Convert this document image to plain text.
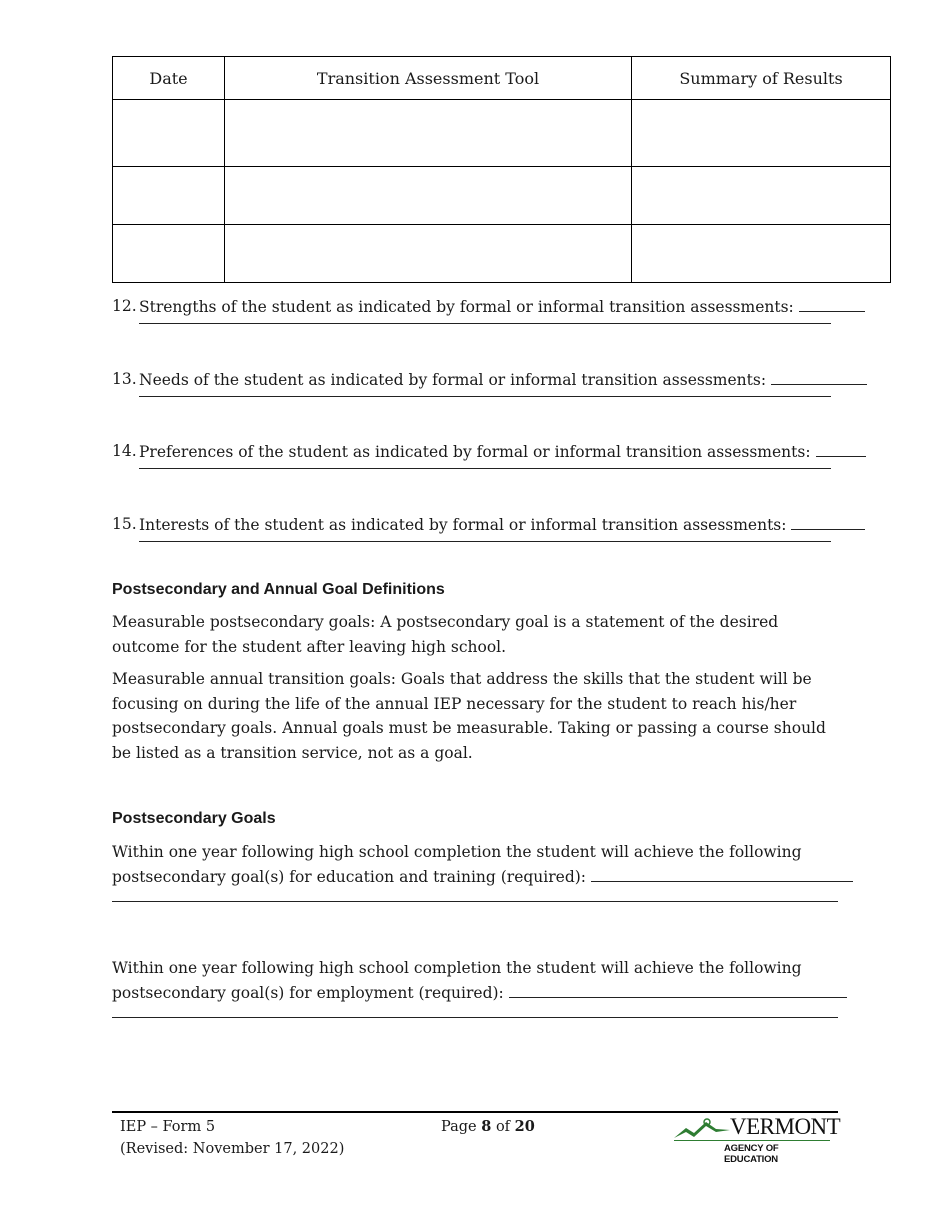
Date	Transition Assessment Tool	Summary of Results

12. Strengths of the student as indicated by formal or informal transition assessments:
13. Needs of the student as indicated by formal or informal transition assessments:
14. Preferences of the student as indicated by formal or informal transition assessments:
15. Interests of the student as indicated by formal or informal transition assessments:
Postsecondary and Annual Goal Definitions
Measurable postsecondary goals: A postsecondary goal is a statement of the desired outcome for the student after leaving high school.
Measurable annual transition goals: Goals that address the skills that the student will be focusing on during the life of the annual IEP necessary for the student to reach his/her postsecondary goals. Annual goals must be measurable. Taking or passing a course should be listed as a transition service, not as a goal.
Postsecondary Goals
Within one year following high school completion the student will achieve the following
postsecondary goal(s) for education and training (required):
Within one year following high school completion the student will achieve the following
postsecondary goal(s) for employment (required):
IEP – Form 5
(Revised: November 17, 2022)
Page 8 of 20	VERMONT
AGENCY OF EDUCATION
